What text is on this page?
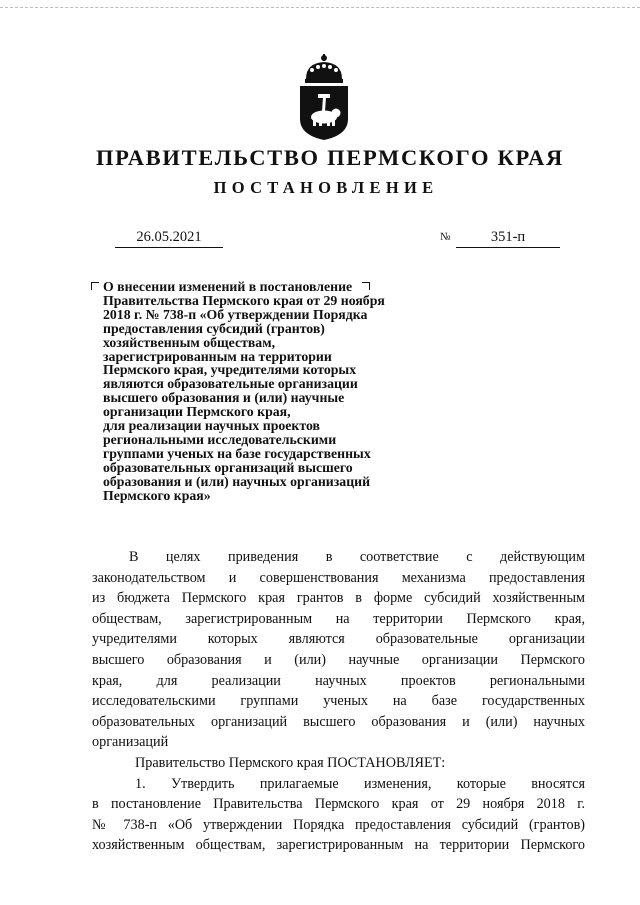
ПРАВИТЕЛЬСТВО ПЕРМСКОГО КРАЯ
ПОСТАНОВЛЕНИЕ
26.05.2021	№	351-п
О внесении изменений в постановление
Правительства Пермского края от 29 ноября
2018 г. № 738-п «Об утверждении Порядка
предоставления субсидий (грантов)
хозяйственным обществам,
зарегистрированным на территории
Пермского края, учредителями которых
являются образовательные организации
высшего образования и (или) научные
организации Пермского края,
для реализации научных проектов
региональными исследовательскими
группами ученых на базе государственных
образовательных организаций высшего
образования и (или) научных организаций
Пермского края»
В целях приведения в соответствие с действующим
законодательством и совершенствования механизма предоставления
из бюджета Пермского края грантов в форме субсидий хозяйственным
обществам, зарегистрированным на территории Пермского края,
учредителями которых являются образовательные организации
высшего образования и (или) научные организации Пермского
края, для реализации научных проектов региональными
исследовательскими группами ученых на базе государственных
образовательных организаций высшего образования и (или) научных
организаций
Правительство Пермского края ПОСТАНОВЛЯЕТ:
1. Утвердить прилагаемые изменения, которые вносятся
в постановление Правительства Пермского края от 29 ноября 2018 г.
№ 738-п «Об утверждении Порядка предоставления субсидий (грантов)
хозяйственным обществам, зарегистрированным на территории Пермского
